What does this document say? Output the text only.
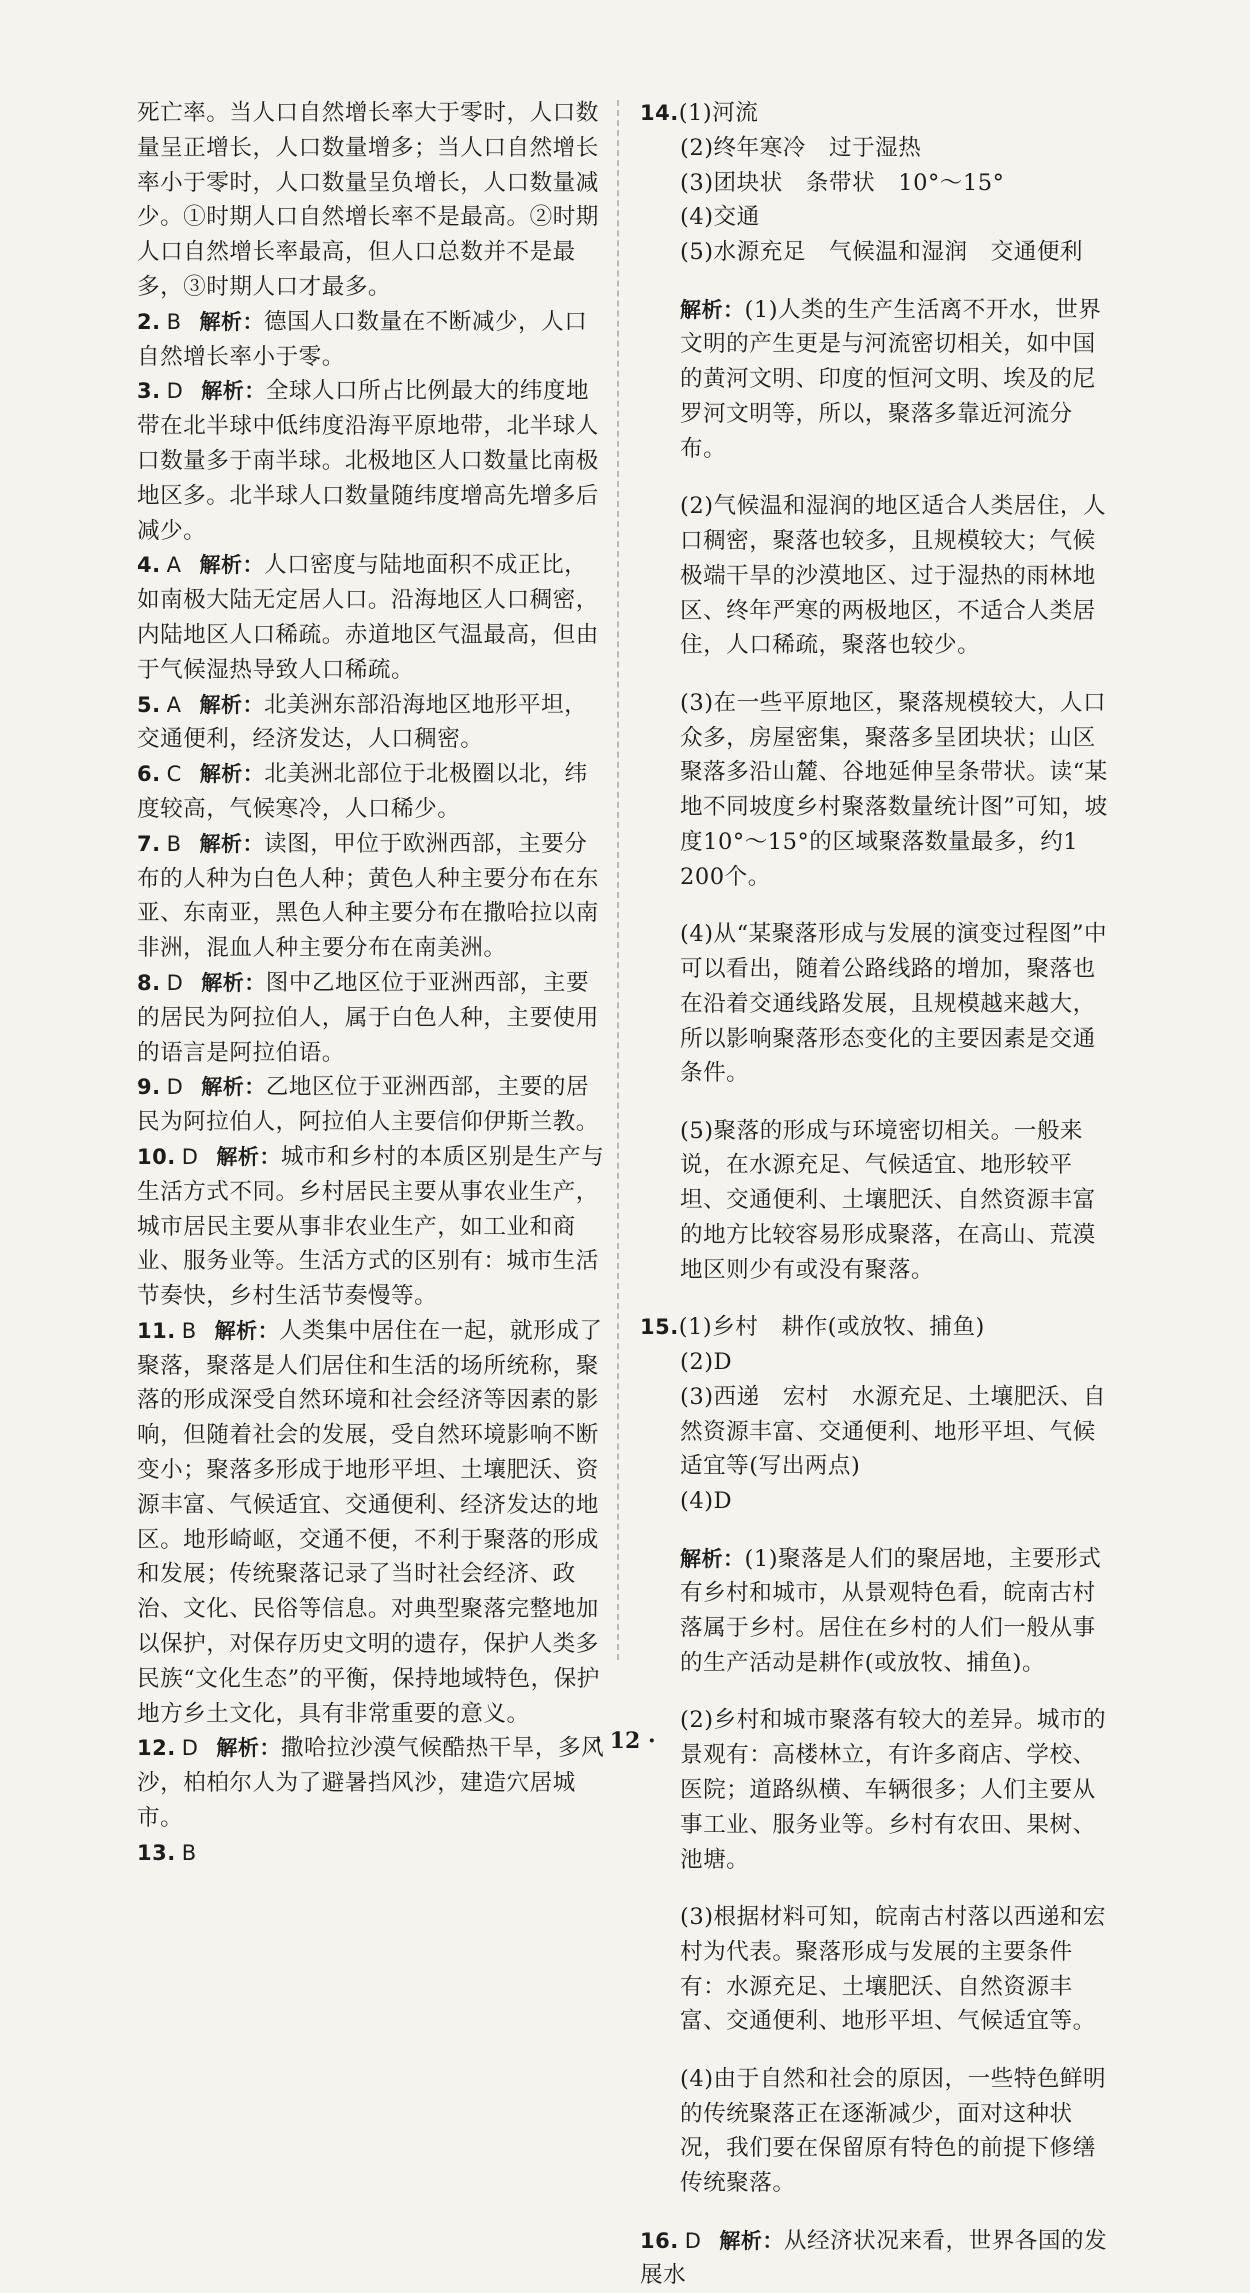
死亡率。当人口自然增长率大于零时，人口数量呈正增长，人口数量增多；当人口自然增长率小于零时，人口数量呈负增长，人口数量减少。①时期人口自然增长率不是最高。②时期人口自然增长率最高，但人口总数并不是最多，③时期人口才最多。

2. B 解析：德国人口数量在不断减少，人口自然增长率小于零。

3. D 解析：全球人口所占比例最大的纬度地带在北半球中低纬度沿海平原地带，北半球人口数量多于南半球。北极地区人口数量比南极地区多。北半球人口数量随纬度增高先增多后减少。

4. A 解析：人口密度与陆地面积不成正比，如南极大陆无定居人口。沿海地区人口稠密，内陆地区人口稀疏。赤道地区气温最高，但由于气候湿热导致人口稀疏。

5. A 解析：北美洲东部沿海地区地形平坦，交通便利，经济发达，人口稠密。

6. C 解析：北美洲北部位于北极圈以北，纬度较高，气候寒冷，人口稀少。

7. B 解析：读图，甲位于欧洲西部，主要分布的人种为白色人种；黄色人种主要分布在东亚、东南亚，黑色人种主要分布在撒哈拉以南非洲，混血人种主要分布在南美洲。

8. D 解析：图中乙地区位于亚洲西部，主要的居民为阿拉伯人，属于白色人种，主要使用的语言是阿拉伯语。

9. D 解析：乙地区位于亚洲西部，主要的居民为阿拉伯人，阿拉伯人主要信仰伊斯兰教。

10. D 解析：城市和乡村的本质区别是生产与生活方式不同。乡村居民主要从事农业生产，城市居民主要从事非农业生产，如工业和商业、服务业等。生活方式的区别有：城市生活节奏快，乡村生活节奏慢等。

11. B 解析：人类集中居住在一起，就形成了聚落，聚落是人们居住和生活的场所统称，聚落的形成深受自然环境和社会经济等因素的影响，但随着社会的发展，受自然环境影响不断变小；聚落多形成于地形平坦、土壤肥沃、资源丰富、气候适宜、交通便利、经济发达的地区。地形崎岖，交通不便，不利于聚落的形成和发展；传统聚落记录了当时社会经济、政治、文化、民俗等信息。对典型聚落完整地加以保护，对保存历史文明的遗存，保护人类多民族“文化生态”的平衡，保持地域特色，保护地方乡土文化，具有非常重要的意义。

12. D 解析：撒哈拉沙漠气候酷热干旱，多风沙，柏柏尔人为了避暑挡风沙，建造穴居城市。

13. B

14.(1)河流

(2)终年寒冷　过于湿热

(3)团块状　条带状　10°～15°

(4)交通

(5)水源充足　气候温和湿润　交通便利

解析：(1)人类的生产生活离不开水，世界文明的产生更是与河流密切相关，如中国的黄河文明、印度的恒河文明、埃及的尼罗河文明等，所以，聚落多靠近河流分布。

(2)气候温和湿润的地区适合人类居住，人口稠密，聚落也较多，且规模较大；气候极端干旱的沙漠地区、过于湿热的雨林地区、终年严寒的两极地区，不适合人类居住，人口稀疏，聚落也较少。

(3)在一些平原地区，聚落规模较大，人口众多，房屋密集，聚落多呈团块状；山区聚落多沿山麓、谷地延伸呈条带状。读“某地不同坡度乡村聚落数量统计图”可知，坡度10°～15°的区域聚落数量最多，约1 200个。

(4)从“某聚落形成与发展的演变过程图”中可以看出，随着公路线路的增加，聚落也在沿着交通线路发展，且规模越来越大，所以影响聚落形态变化的主要因素是交通条件。

(5)聚落的形成与环境密切相关。一般来说，在水源充足、气候适宜、地形较平坦、交通便利、土壤肥沃、自然资源丰富的地方比较容易形成聚落，在高山、荒漠地区则少有或没有聚落。

15.(1)乡村　耕作(或放牧、捕鱼)

(2)D

(3)西递　宏村　水源充足、土壤肥沃、自然资源丰富、交通便利、地形平坦、气候适宜等(写出两点)

(4)D

解析：(1)聚落是人们的聚居地，主要形式有乡村和城市，从景观特色看，皖南古村落属于乡村。居住在乡村的人们一般从事的生产活动是耕作(或放牧、捕鱼)。

(2)乡村和城市聚落有较大的差异。城市的景观有：高楼林立，有许多商店、学校、医院；道路纵横、车辆很多；人们主要从事工业、服务业等。乡村有农田、果树、池塘。

(3)根据材料可知，皖南古村落以西递和宏村为代表。聚落形成与发展的主要条件有：水源充足、土壤肥沃、自然资源丰富、交通便利、地形平坦、气候适宜等。

(4)由于自然和社会的原因，一些特色鲜明的传统聚落正在逐渐减少，面对这种状况，我们要在保留原有特色的前提下修缮传统聚落。

16. D 解析：从经济状况来看，世界各国的发展水

· 12 ·
